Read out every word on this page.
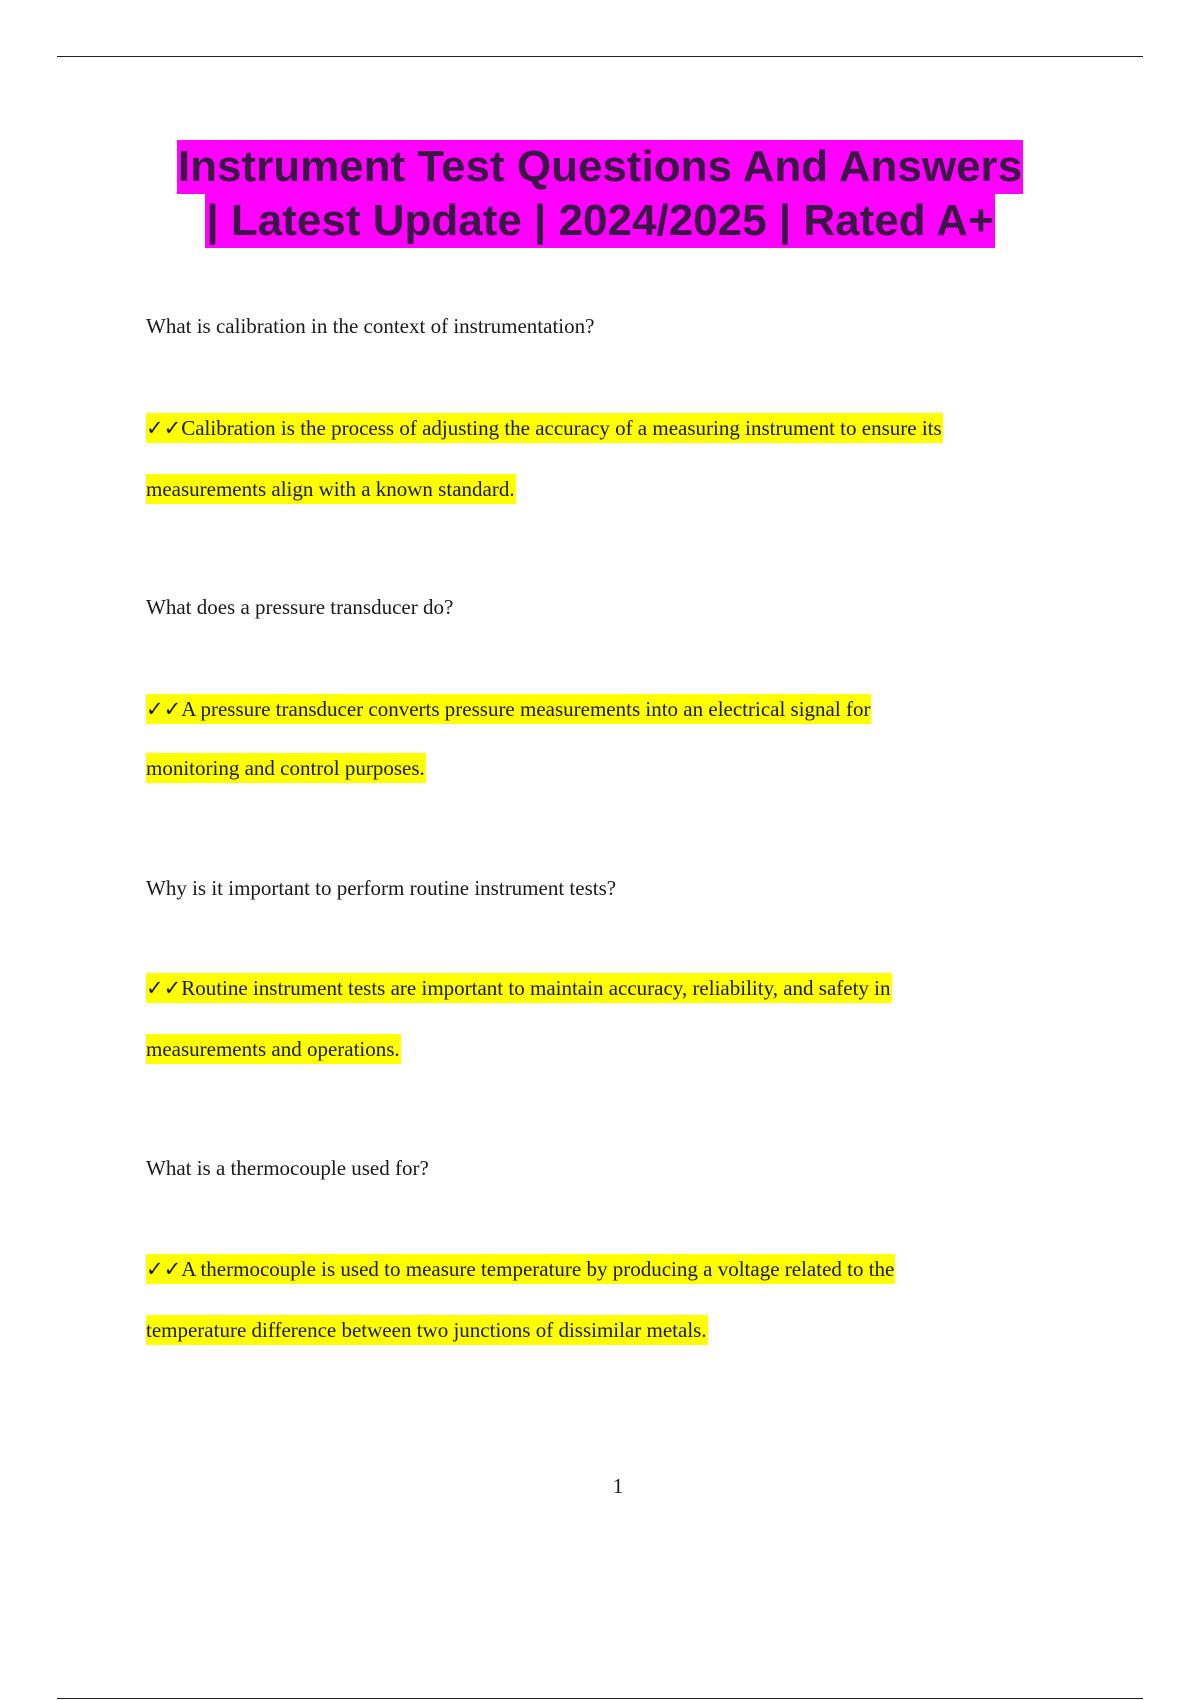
Instrument Test Questions And Answers
| Latest Update | 2024/2025 | Rated A+

What is calibration in the context of instrumentation?

✓✓Calibration is the process of adjusting the accuracy of a measuring instrument to ensure its
measurements align with a known standard.

What does a pressure transducer do?

✓✓A pressure transducer converts pressure measurements into an electrical signal for
monitoring and control purposes.

Why is it important to perform routine instrument tests?

✓✓Routine instrument tests are important to maintain accuracy, reliability, and safety in
measurements and operations.

What is a thermocouple used for?

✓✓A thermocouple is used to measure temperature by producing a voltage related to the
temperature difference between two junctions of dissimilar metals.
1
